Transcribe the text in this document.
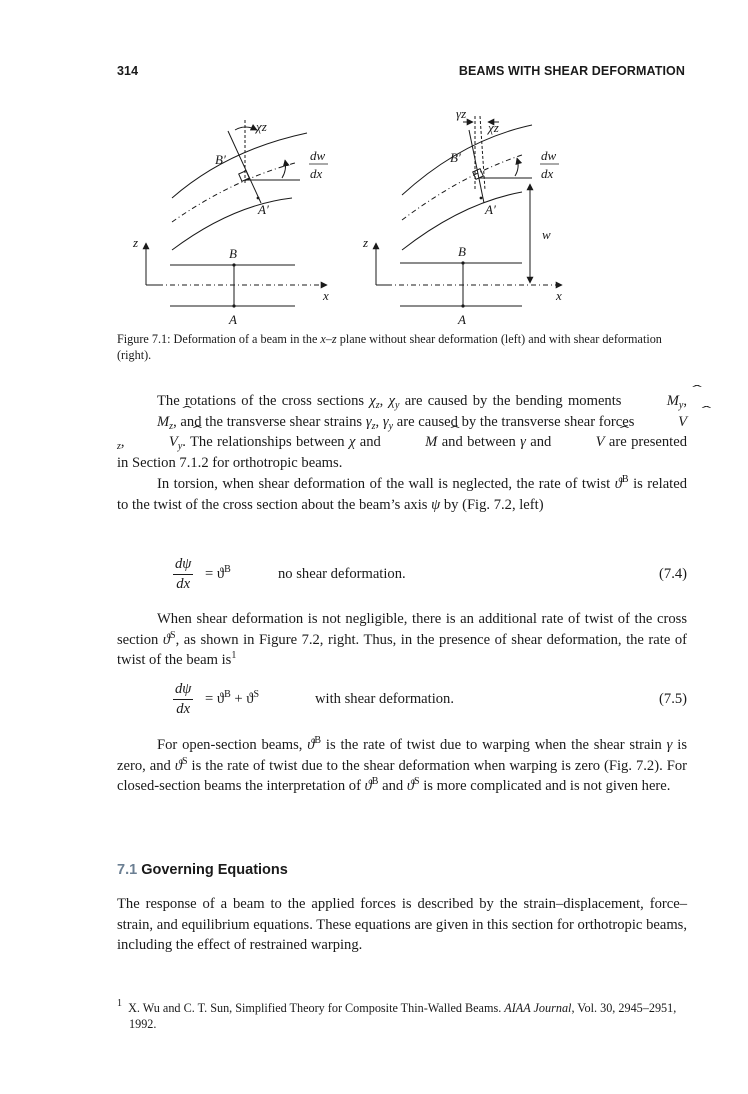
314	BEAMS WITH SHEAR DEFORMATION
B′
A′
χz
dw
dx
B
A
z
x
B′
A′
γz
χz
dw
dx
w
B
A
z
x
Figure 7.1: Deformation of a beam in the x–z plane without shear deformation (left) and with shear deformation (right).
The rotations of the cross sections $\chi_z$, $\chi_y$ are caused by the bending moments	ˆ $M_y$, ˆ $M_z$, and the transverse shear strains $\gamma_z$, $\gamma_y$ are caused by the transverse shear forces	ˆ $V_z$,	ˆ $V_y$. The relationships between χ and	ˆ M and between γ and	ˆ V are presented in Section 7.1.2 for orthotropic beams.
In torsion, when shear deformation of the wall is neglected, the rate of twist $ϑ^B$ is related to the twist of the cross section about the beam’s axis ψ by (Fig. 7.2, left)
$\frac{d\psi}{dx} = ϑ^B$	no shear deformation.	(7.4)
When shear deformation is not negligible, there is an additional rate of twist of the cross section $ϑ^S$, as shown in Figure 7.2, right. Thus, in the presence of shear deformation, the rate of twist of the beam $is^1$
$\frac{d\psi}{dx} = ϑ^B + ϑ^S$	with shear deformation.	(7.5)
For open-section beams, $ϑ^B$ is the rate of twist due to warping when the shear strain γ is zero, and $ϑ^S$ is the rate of twist due to the shear deformation when warping is zero (Fig. 7.2). For closed-section beams the interpretation of $ϑ^B$ and $ϑ^S$ is more complicated and is not given here.
7.1 Governing Equations
The response of a beam to the applied forces is described by the strain–displacement, force–strain, and equilibrium equations. These equations are given in this section for orthotropic beams, including the effect of restrained warping.
$^1$ X. Wu and C. T. Sun, Simplified Theory for Composite Thin-Walled Beams. AIAA Journal, Vol. 30, 2945–2951, 1992.
